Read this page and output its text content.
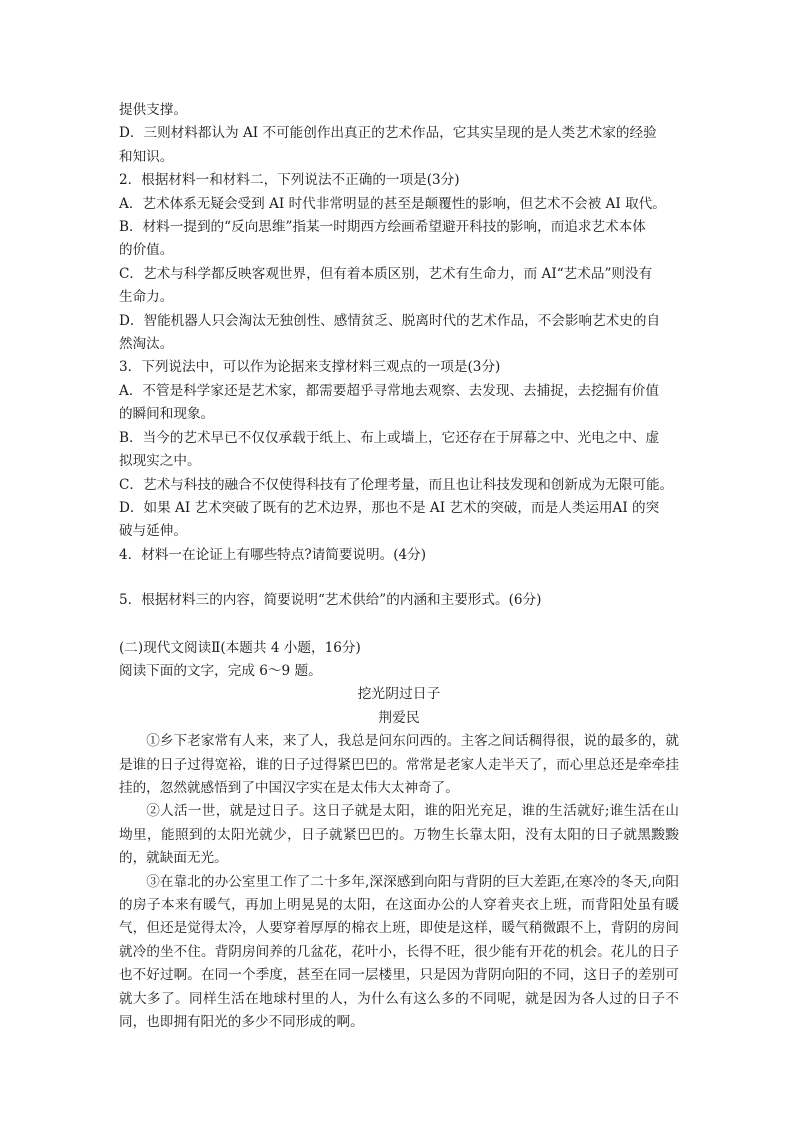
提供支撑。

D．三则材料都认为 AI 不可能创作出真正的艺术作品，它其实呈现的是人类艺术家的经验

和知识。

2．根据材料一和材料二，下列说法不正确的一项是(3分)

A．艺术体系无疑会受到 AI 时代非常明显的甚至是颠覆性的影响，但艺术不会被 AI 取代。

B．材料一提到的“反向思维”指某一时期西方绘画希望避开科技的影响，而追求艺术本体

的价值。

C．艺术与科学都反映客观世界，但有着本质区别，艺术有生命力，而 AI“艺术品”则没有

生命力。

D．智能机器人只会淘汰无独创性、感情贫乏、脱离时代的艺术作品，不会影响艺术史的自

然淘汰。

3．下列说法中，可以作为论据来支撑材料三观点的一项是(3分)

A．不管是科学家还是艺术家，都需要超乎寻常地去观察、去发现、去捕捉，去挖掘有价值

的瞬间和现象。

B．当今的艺术早已不仅仅承载于纸上、布上或墙上，它还存在于屏幕之中、光电之中、虚

拟现实之中。

C．艺术与科技的融合不仅使得科技有了伦理考量，而且也让科技发现和创新成为无限可能。

D．如果 AI 艺术突破了既有的艺术边界，那也不是 AI 艺术的突破，而是人类运用AI 的突

破与延伸。

4．材料一在论证上有哪些特点?请简要说明。(4分)

5．根据材料三的内容，简要说明“艺术供给”的内涵和主要形式。(6分)

(二)现代文阅读Ⅱ(本题共 4 小题，16分)

阅读下面的文字，完成 6～9 题。

挖光阴过日子

荆爱民

①乡下老家常有人来，来了人，我总是问东问西的。主客之间话稠得很，说的最多的，就是谁的日子过得宽裕，谁的日子过得紧巴巴的。常常是老家人走半天了，而心里总还是牵牵挂挂的，忽然就感悟到了中国汉字实在是太伟大太神奇了。

②人活一世，就是过日子。这日子就是太阳，谁的阳光充足，谁的生活就好;谁生活在山坳里，能照到的太阳光就少，日子就紧巴巴的。万物生长靠太阳，没有太阳的日子就黑黢黢的，就缺面无光。

③在靠北的办公室里工作了二十多年,深深感到向阳与背阴的巨大差距,在寒冷的冬天,向阳的房子本来有暖气，再加上明晃晃的太阳，在这面办公的人穿着夹衣上班，而背阳处虽有暖气，但还是觉得太冷，人要穿着厚厚的棉衣上班，即使是这样，暖气稍微跟不上，背阴的房间就冷的坐不住。背阴房间养的几盆花，花叶小，长得不旺，很少能有开花的机会。花儿的日子也不好过啊。在同一个季度，甚至在同一层楼里，只是因为背阴向阳的不同，这日子的差别可就大多了。同样生活在地球村里的人，为什么有这么多的不同呢，就是因为各人过的日子不同，也即拥有阳光的多少不同形成的啊。
